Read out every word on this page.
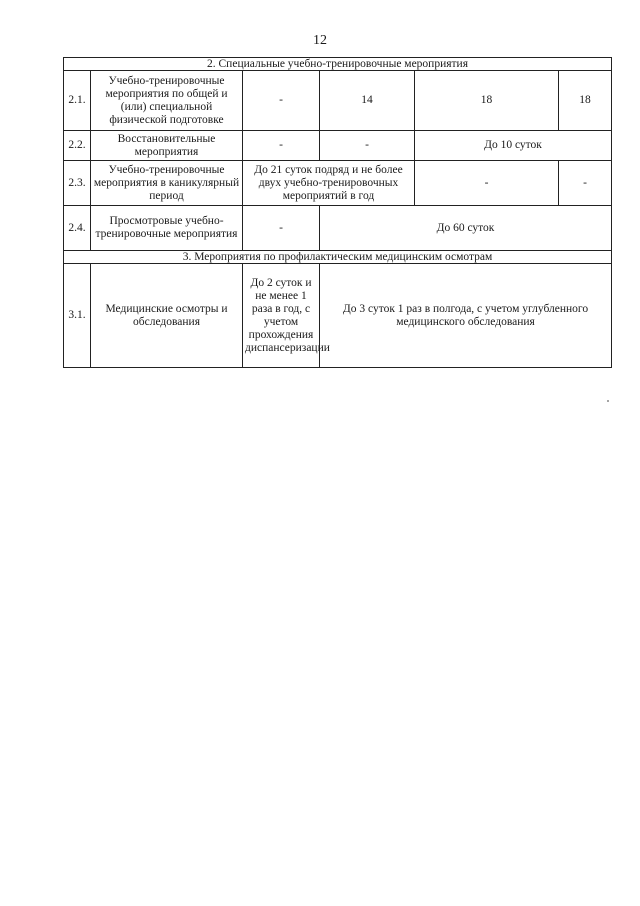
12
2. Специальные учебно-тренировочные мероприятия					
2.1.	Учебно-тренировочные мероприятия по общей и (или) специальной физической подготовке	-	14	18	18
2.2.	Восстановительные мероприятия	-	-	До 10 суток	
2.3.	Учебно-тренировочные мероприятия в каникулярный период	До 21 суток подряд и не более двух учебно-тренировочных мероприятий в год		-	-
2.4.	Просмотровые учебно-тренировочные мероприятия	-	До 60 суток		
3. Мероприятия по профилактическим медицинским осмотрам					
3.1.	Медицинские осмотры и обследования	До 2 суток и не менее 1 раза в год, с учетом прохождения диспансеризации	До 3 суток 1 раз в полгода, с учетом углубленного медицинского обследования		
